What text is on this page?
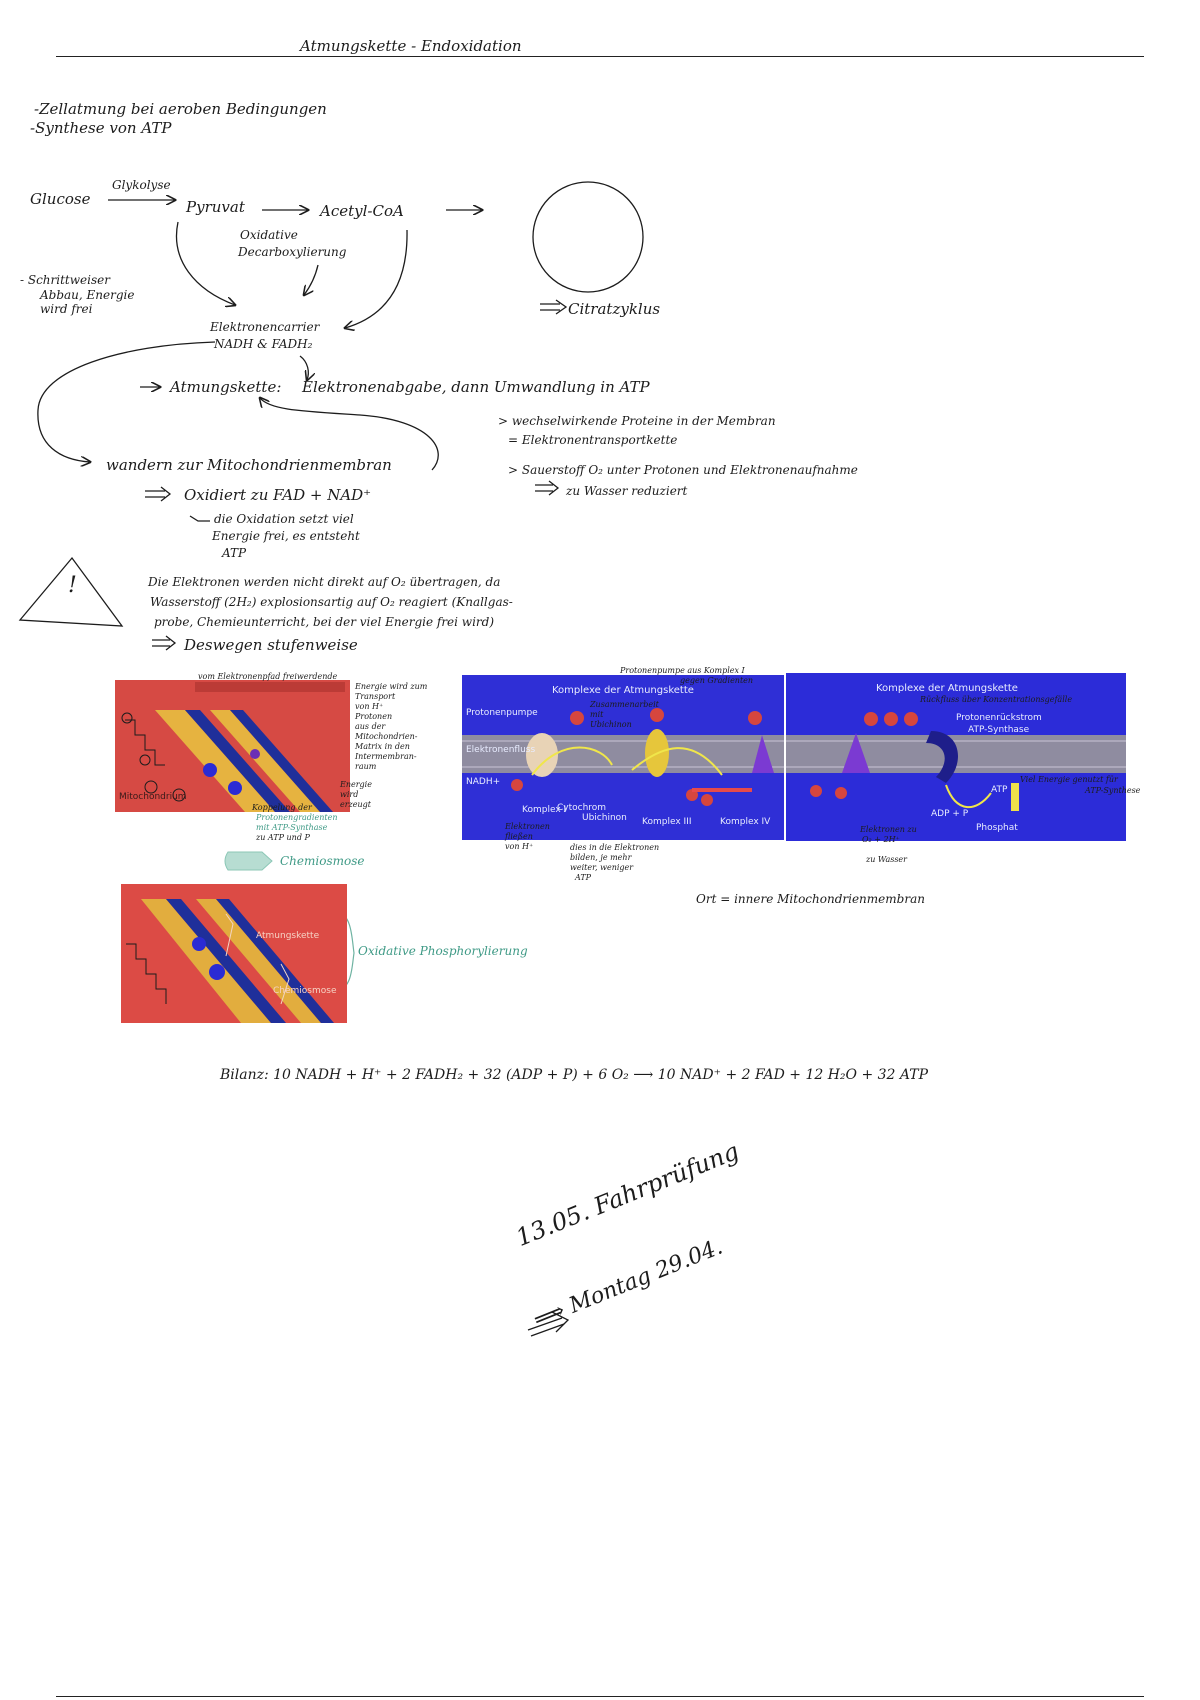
Atmungskette - Endoxidation
-Zellatmung bei aeroben Bedingungen
-Synthese von ATP
Glucose
Glykolyse
Pyruvat	Acetyl-CoA
Oxidative
Decarboxylierung
- Schrittweiser
Abbau, Energie
wird frei	Citratzyklus
Elektronencarrier
NADH & FADH₂
Atmungskette: Elektronenabgabe, dann Umwandlung in ATP
wandern zur Mitochondrienmembran
Oxidiert zu FAD + NAD⁺
die Oxidation setzt viel
Energie frei, es entsteht
ATP
> wechselwirkende Proteine in der Membran
= Elektronentransportkette
> Sauerstoff O₂ unter Protonen und Elektronenaufnahme
zu Wasser reduziert
!	Die Elektronen werden nicht direkt auf O₂ übertragen, da
Wasserstoff (2H₂) explosionsartig auf O₂ reagiert (Knallgas-
probe, Chemieunterricht, bei der viel Energie frei wird)
Deswegen stufenweise
Mitochondrium
vom Elektronenpfad freiwerdende
Energie wird zum
Transport
von H⁺
Protonen
aus der
Mitochondrien-
Matrix in den
Intermembran-
raum
Energie
wird
erzeugt
Koppelung der
Protonengradienten
mit ATP-Synthase
zu ATP und P
Chemiosmose
Komplexe der Atmungskette
Protonenpumpe
Elektronenfluss
NADH+
Komplex I
Komplex III	Komplex IV
Cytochrom
Ubichinon
Protonenpumpe aus Komplex I
gegen Gradienten
Elektronen
fließen
von H⁺	dies in die Elektronen
bilden, je mehr
weiter, weniger
ATP
Zusammenarbeit
mit
Ubichinon
Komplexe der Atmungskette
Protonenrückstrom
ATP-Synthase
ADP + P
Phosphat
ATP
Rückfluss über Konzentrationsgefälle
Viel Energie genutzt für
ATP-Synthese
Elektronen zu
O₂ + 2H⁺
zu Wasser
Ort = innere Mitochondrienmembran
Atmungskette
Chemiosmose
Oxidative Phosphorylierung
Bilanz: 10 NADH + H⁺ + 2 FADH₂ + 32 (ADP + P) + 6 O₂ ⟶ 10 NAD⁺ + 2 FAD + 12 H₂O + 32 ATP
13.05. Fahrprüfung
⟹ Montag 29.04.
